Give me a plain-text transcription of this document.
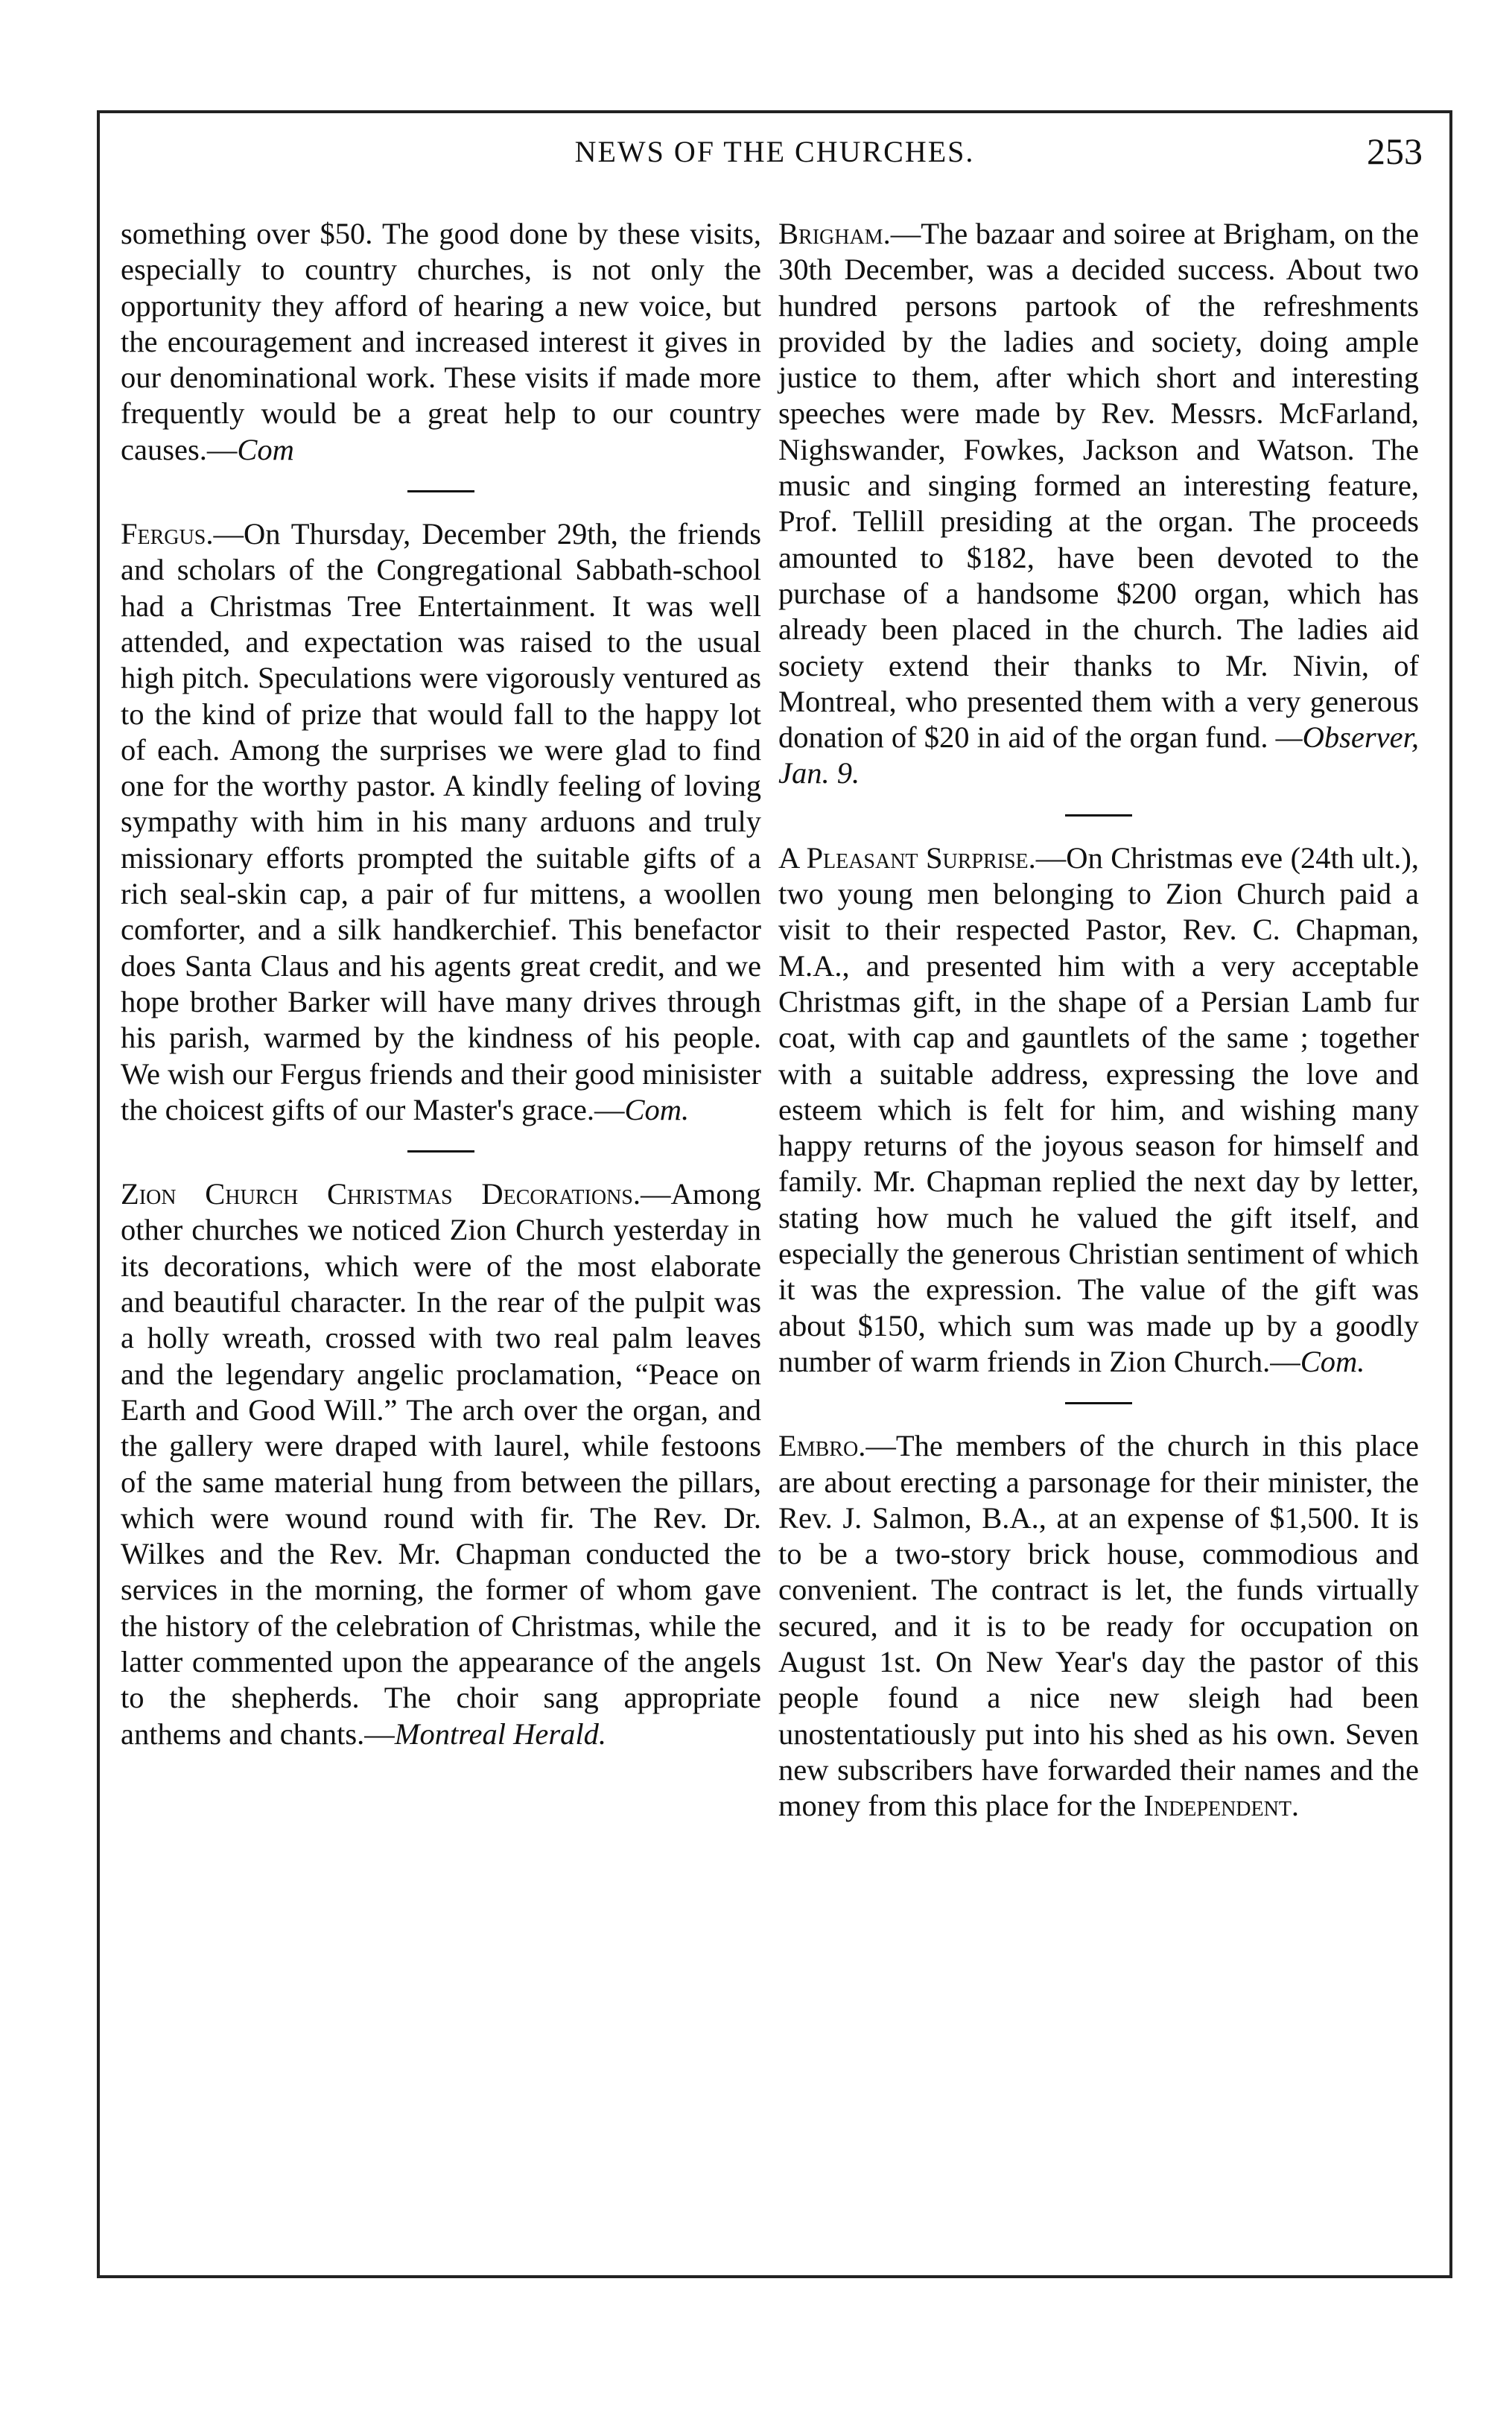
NEWS OF THE CHURCHES.	253

something over $50. The good done by these visits, especially to country churches, is not only the opportunity they afford of hearing a new voice, but the encouragement and increased interest it gives in our denominational work. These visits if made more frequently would be a great help to our country causes.—Com

Fergus.—On Thursday, December 29th, the friends and scholars of the Congregational Sabbath-school had a Christmas Tree Entertainment. It was well attended, and expectation was raised to the usual high pitch. Speculations were vigorously ventured as to the kind of prize that would fall to the happy lot of each. Among the surprises we were glad to find one for the worthy pastor. A kindly feeling of loving sympathy with him in his many arduons and truly missionary efforts prompted the suitable gifts of a rich seal-skin cap, a pair of fur mittens, a woollen comforter, and a silk handkerchief. This benefactor does Santa Claus and his agents great credit, and we hope brother Barker will have many drives through his parish, warmed by the kindness of his people. We wish our Fergus friends and their good minisister the choicest gifts of our Master's grace.—Com.

Zion Church Christmas Decorations.—Among other churches we noticed Zion Church yesterday in its decorations, which were of the most elaborate and beautiful character. In the rear of the pulpit was a holly wreath, crossed with two real palm leaves and the legendary angelic proclamation, “Peace on Earth and Good Will.” The arch over the organ, and the gallery were draped with laurel, while festoons of the same material hung from between the pillars, which were wound round with fir. The Rev. Dr. Wilkes and the Rev. Mr. Chapman conducted the services in the morning, the former of whom gave the history of the celebration of Christmas, while the latter commented upon the appearance of the angels to the shepherds. The choir sang appropriate anthems and chants.—Montreal Herald.

Brigham.—The bazaar and soiree at Brigham, on the 30th December, was a decided success. About two hundred persons partook of the refreshments provided by the ladies and society, doing ample justice to them, after which short and interesting speeches were made by Rev. Messrs. McFarland, Nighswander, Fowkes, Jackson and Watson. The music and singing formed an interesting feature, Prof. Tellill presiding at the organ. The proceeds amounted to $182, have been devoted to the purchase of a handsome $200 organ, which has already been placed in the church. The ladies aid society extend their thanks to Mr. Nivin, of Montreal, who presented them with a very generous donation of $20 in aid of the organ fund. —Observer, Jan. 9.

A Pleasant Surprise.—On Christmas eve (24th ult.), two young men belonging to Zion Church paid a visit to their respected Pastor, Rev. C. Chapman, M.A., and presented him with a very acceptable Christmas gift, in the shape of a Persian Lamb fur coat, with cap and gauntlets of the same ; together with a suitable address, expressing the love and esteem which is felt for him, and wishing many happy returns of the joyous season for himself and family. Mr. Chapman replied the next day by letter, stating how much he valued the gift itself, and especially the generous Christian sentiment of which it was the expression. The value of the gift was about $150, which sum was made up by a goodly number of warm friends in Zion Church.—Com.

Embro.—The members of the church in this place are about erecting a parsonage for their minister, the Rev. J. Salmon, B.A., at an expense of $1,500. It is to be a two-story brick house, commodious and convenient. The contract is let, the funds virtually secured, and it is to be ready for occupation on August 1st. On New Year's day the pastor of this people found a nice new sleigh had been unostentatiously put into his shed as his own. Seven new subscribers have forwarded their names and the money from this place for the Independent.
